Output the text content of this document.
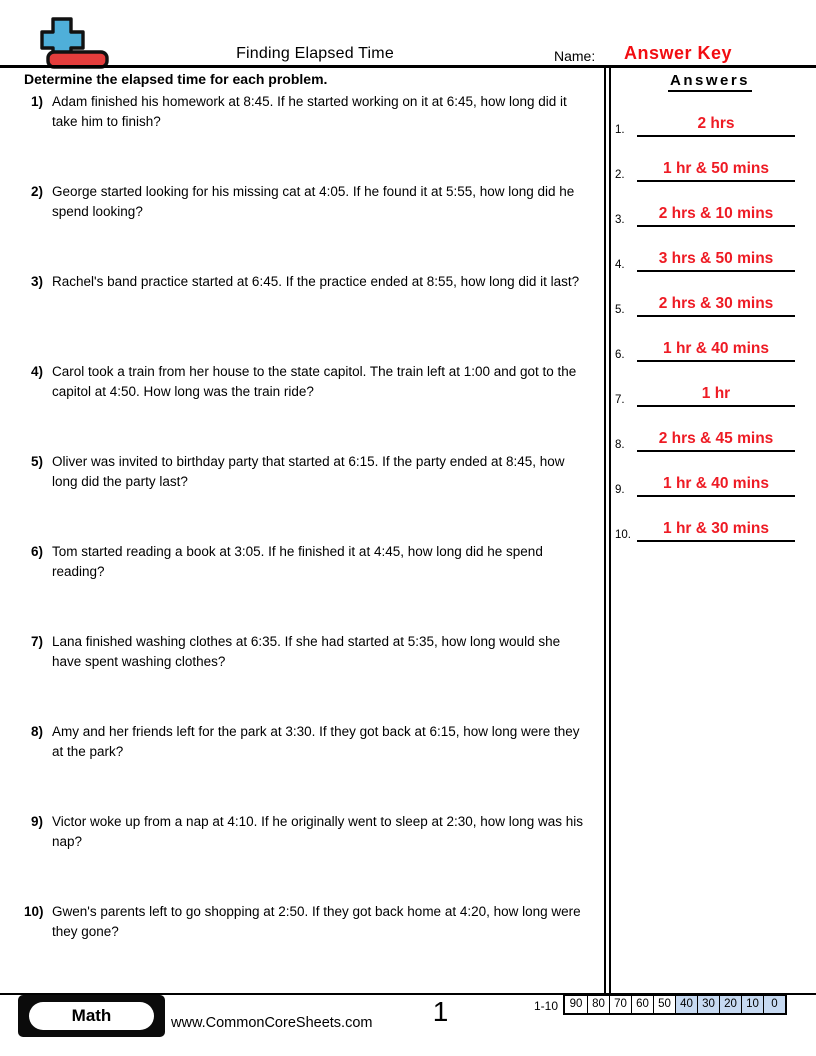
Finding Elapsed Time	Name:	Answer Key
Determine the elapsed time for each problem.
1) Adam finished his homework at 8:45. If he started working on it at 6:45, how long did it take him to finish?
2) George started looking for his missing cat at 4:05. If he found it at 5:55, how long did he spend looking?
3) Rachel's band practice started at 6:45. If the practice ended at 8:55, how long did it last?
4) Carol took a train from her house to the state capitol. The train left at 1:00 and got to the capitol at 4:50. How long was the train ride?
5) Oliver was invited to birthday party that started at 6:15. If the party ended at 8:45, how long did the party last?
6) Tom started reading a book at 3:05. If he finished it at 4:45, how long did he spend reading?
7) Lana finished washing clothes at 6:35. If she had started at 5:35, how long would she have spent washing clothes?
8) Amy and her friends left for the park at 3:30. If they got back at 6:15, how long were they at the park?
9) Victor woke up from a nap at 4:10. If he originally went to sleep at 2:30, how long was his nap?
10) Gwen's parents left to go shopping at 2:50. If they got back home at 4:20, how long were they gone?
Answers
1.	2 hrs
2.	1 hr & 50 mins
3.	2 hrs & 10 mins
4.	3 hrs & 50 mins
5.	2 hrs & 30 mins
6.	1 hr & 40 mins
7.	1 hr
8.	2 hrs & 45 mins
9.	1 hr & 40 mins
10.	1 hr & 30 mins
Math	www.CommonCoreSheets.com	1	1-10	90 80 70 60 50 40 30 20 10	0
